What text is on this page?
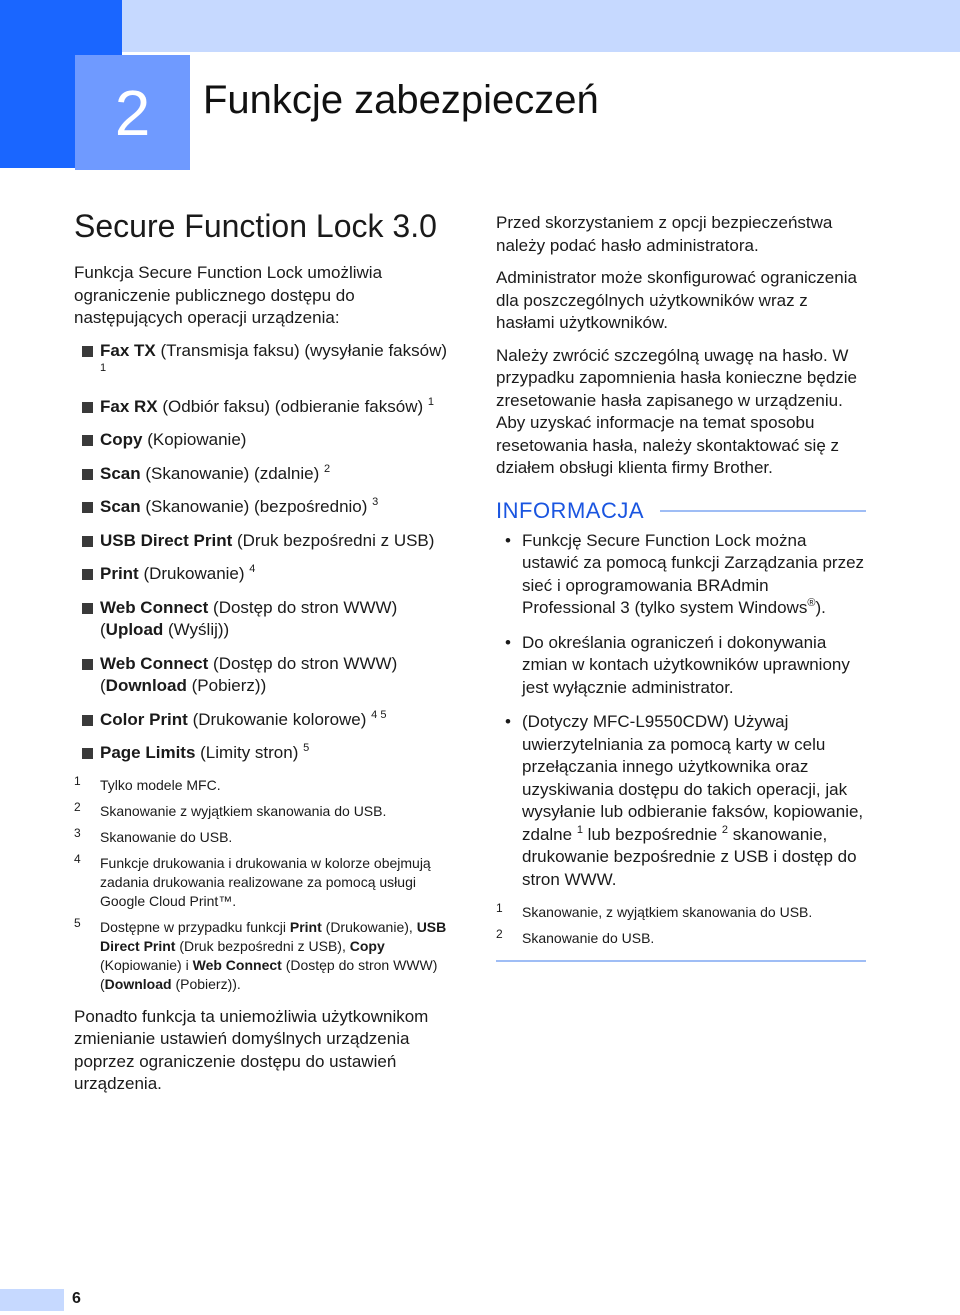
2	Funkcje zabezpieczeń
Secure Function Lock 3.0

Funkcja Secure Function Lock umożliwia ograniczenie publicznego dostępu do następujących operacji urządzenia:

Fax TX (Transmisja faksu) (wysyłanie faksów) $^1$
Fax RX (Odbiór faksu) (odbieranie faksów) $^1$
Copy (Kopiowanie)
Scan (Skanowanie) (zdalnie) $^2$
Scan (Skanowanie) (bezpośrednio) $^3$
USB Direct Print (Druk bezpośredni z USB)
Print (Drukowanie) $^4$
Web Connect (Dostęp do stron WWW) (Upload (Wyślij))
Web Connect (Dostęp do stron WWW) (Download (Pobierz))
Color Print (Drukowanie kolorowe) $^{4 5}$
Page Limits (Limity stron) $^5$
1 Tylko modele MFC.
2 Skanowanie z wyjątkiem skanowania do USB.
3 Skanowanie do USB.
4 Funkcje drukowania i drukowania w kolorze obejmują zadania drukowania realizowane za pomocą usługi Google Cloud Print™.
5 Dostępne w przypadku funkcji Print (Drukowanie), USB Direct Print (Druk bezpośredni z USB), Copy (Kopiowanie) i Web Connect (Dostęp do stron WWW) (Download (Pobierz)).

Ponadto funkcja ta uniemożliwia użytkownikom zmienianie ustawień domyślnych urządzenia poprzez ograniczenie dostępu do ustawień urządzenia.

Przed skorzystaniem z opcji bezpieczeństwa należy podać hasło administratora.

Administrator może skonfigurować ograniczenia dla poszczególnych użytkowników wraz z hasłami użytkowników.

Należy zwrócić szczególną uwagę na hasło. W przypadku zapomnienia hasła konieczne będzie zresetowanie hasła zapisanego w urządzeniu. Aby uzyskać informacje na temat sposobu resetowania hasła, należy skontaktować się z działem obsługi klienta firmy Brother.

INFORMACJA
• Funkcję Secure Function Lock można ustawić za pomocą funkcji Zarządzania przez sieć i oprogramowania BRAdmin Professional 3 (tylko system Windows®).
• Do określania ograniczeń i dokonywania zmian w kontach użytkowników uprawniony jest wyłącznie administrator.
• (Dotyczy MFC-L9550CDW) Używaj uwierzytelniania za pomocą karty w celu przełączania innego użytkownika oraz uzyskiwania dostępu do takich operacji, jak wysyłanie lub odbieranie faksów, kopiowanie, zdalne $^1$ lub bezpośrednie $^2$ skanowanie, drukowanie bezpośrednie z USB i dostęp do stron WWW.
1 Skanowanie, z wyjątkiem skanowania do USB.
2 Skanowanie do USB.
6
